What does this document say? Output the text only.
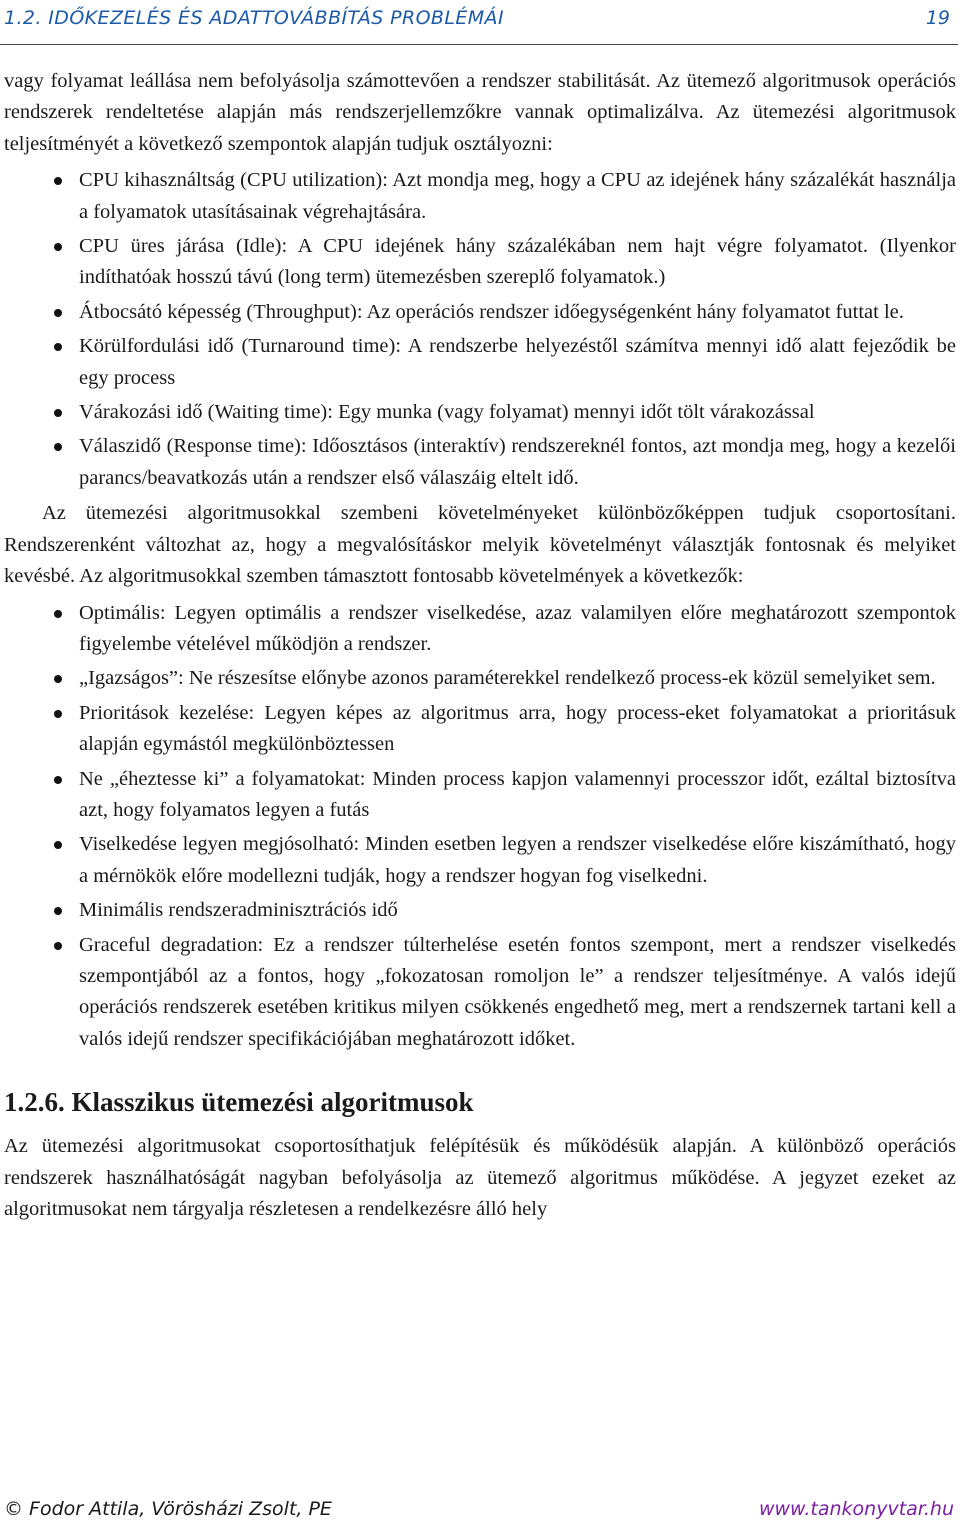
1.2. IDŐKEZELÉS ÉS ADATTOVÁBBÍTÁS PROBLÉMÁI	19

vagy folyamat leállása nem befolyásolja számottevően a rendszer stabilitását. Az ütemező algoritmusok operációs rendszerek rendeltetése alapján más rendszerjellemzőkre vannak optimalizálva. Az ütemezési algoritmusok teljesítményét a következő szempontok alapján tudjuk osztályozni:

CPU kihasználtság (CPU utilization): Azt mondja meg, hogy a CPU az idejének hány százalékát használja a folyamatok utasításainak végrehajtására.
CPU üres járása (Idle): A CPU idejének hány százalékában nem hajt végre folyamatot. (Ilyenkor indíthatóak hosszú távú (long term) ütemezésben szereplő folyamatok.)
Átbocsátó képesség (Throughput): Az operációs rendszer időegységenként hány folyamatot futtat le.
Körülfordulási idő (Turnaround time): A rendszerbe helyezéstől számítva mennyi idő alatt fejeződik be egy process
Várakozási idő (Waiting time): Egy munka (vagy folyamat) mennyi időt tölt várakozással
Válaszidő (Response time): Időosztásos (interaktív) rendszereknél fontos, azt mondja meg, hogy a kezelői parancs/beavatkozás után a rendszer első válaszáig eltelt idő.

Az ütemezési algoritmusokkal szembeni követelményeket különbözőképpen tudjuk csoportosítani. Rendszerenként változhat az, hogy a megvalósításkor melyik követelményt választják fontosnak és melyiket kevésbé. Az algoritmusokkal szemben támasztott fontosabb követelmények a következők:

Optimális: Legyen optimális a rendszer viselkedése, azaz valamilyen előre meghatározott szempontok figyelembe vételével működjön a rendszer.
„Igazságos”: Ne részesítse előnybe azonos paraméterekkel rendelkező process-ek közül semelyiket sem.
Prioritások kezelése: Legyen képes az algoritmus arra, hogy process-eket folyamatokat a prioritásuk alapján egymástól megkülönböztessen
Ne „éheztesse ki” a folyamatokat: Minden process kapjon valamennyi processzor időt, ezáltal biztosítva azt, hogy folyamatos legyen a futás
Viselkedése legyen megjósolható: Minden esetben legyen a rendszer viselkedése előre kiszámítható, hogy a mérnökök előre modellezni tudják, hogy a rendszer hogyan fog viselkedni.
Minimális rendszeradminisztrációs idő
Graceful degradation: Ez a rendszer túlterhelése esetén fontos szempont, mert a rendszer viselkedés szempontjából az a fontos, hogy „fokozatosan romoljon le” a rendszer teljesítménye. A valós idejű operációs rendszerek esetében kritikus milyen csökkenés engedhető meg, mert a rendszernek tartani kell a valós idejű rendszer specifikációjában meghatározott időket.
1.2.6. Klasszikus ütemezési algoritmusok

Az ütemezési algoritmusokat csoportosíthatjuk felépítésük és működésük alapján. A különböző operációs rendszerek használhatóságát nagyban befolyásolja az ütemező algoritmus működése. A jegyzet ezeket az algoritmusokat nem tárgyalja részletesen a rendelkezésre álló hely

© Fodor Attila, Vörösházi Zsolt, PE	www.tankonyvtar.hu
